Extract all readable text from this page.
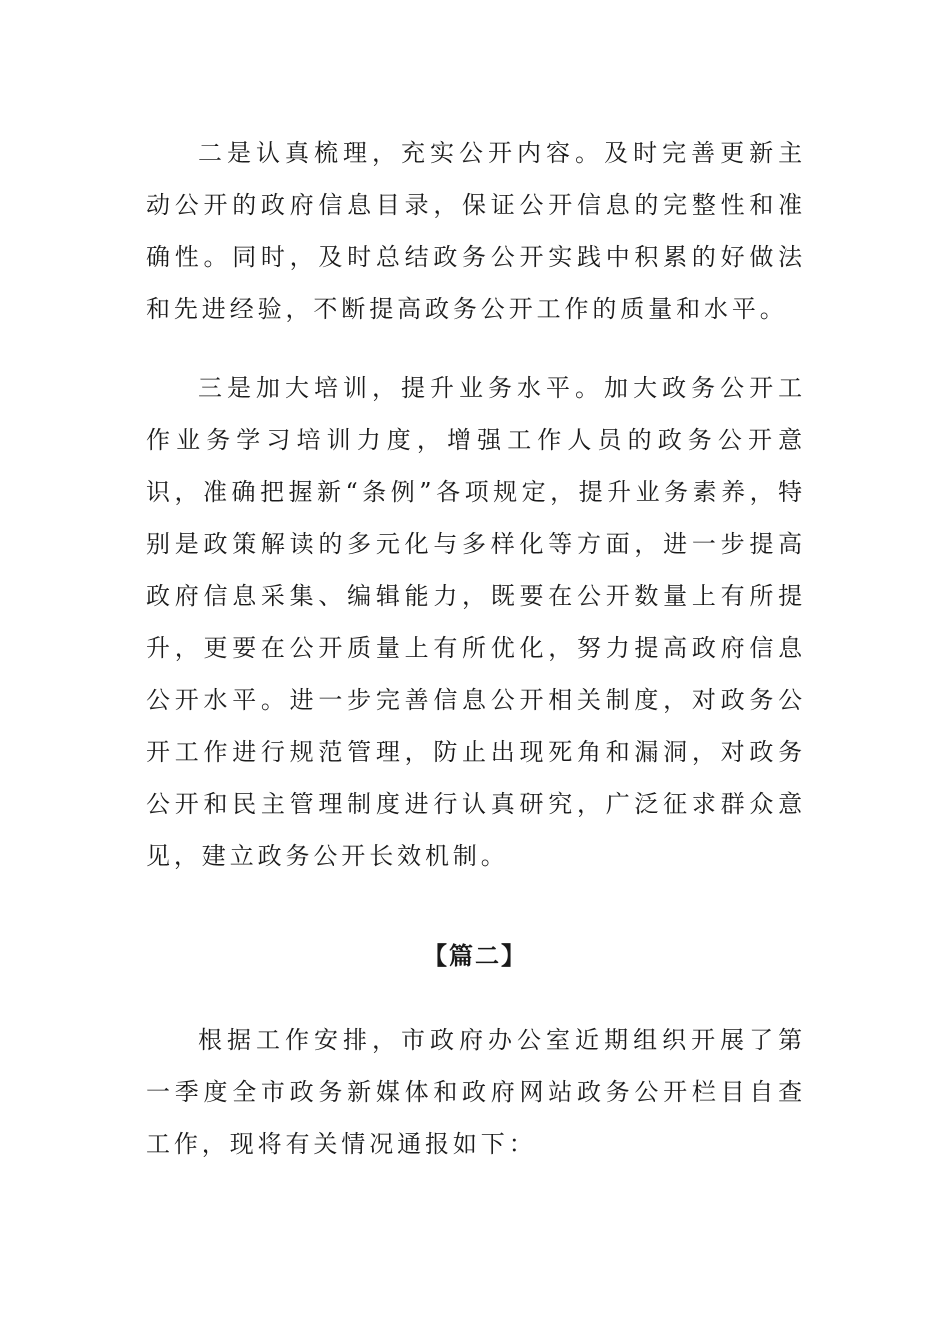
二是认真梳理，充实公开内容。及时完善更新主动公开的政府信息目录，保证公开信息的完整性和准确性。同时，及时总结政务公开实践中积累的好做法和先进经验，不断提高政务公开工作的质量和水平。

三是加大培训，提升业务水平。加大政务公开工作业务学习培训力度，增强工作人员的政务公开意识，准确把握新“条例”各项规定，提升业务素养，特别是政策解读的多元化与多样化等方面，进一步提高政府信息采集、编辑能力，既要在公开数量上有所提升，更要在公开质量上有所优化，努力提高政府信息公开水平。进一步完善信息公开相关制度，对政务公开工作进行规范管理，防止出现死角和漏洞，对政务公开和民主管理制度进行认真研究，广泛征求群众意见，建立政务公开长效机制。

【篇二】

根据工作安排，市政府办公室近期组织开展了第一季度全市政务新媒体和政府网站政务公开栏目自查工作，现将有关情况通报如下：
